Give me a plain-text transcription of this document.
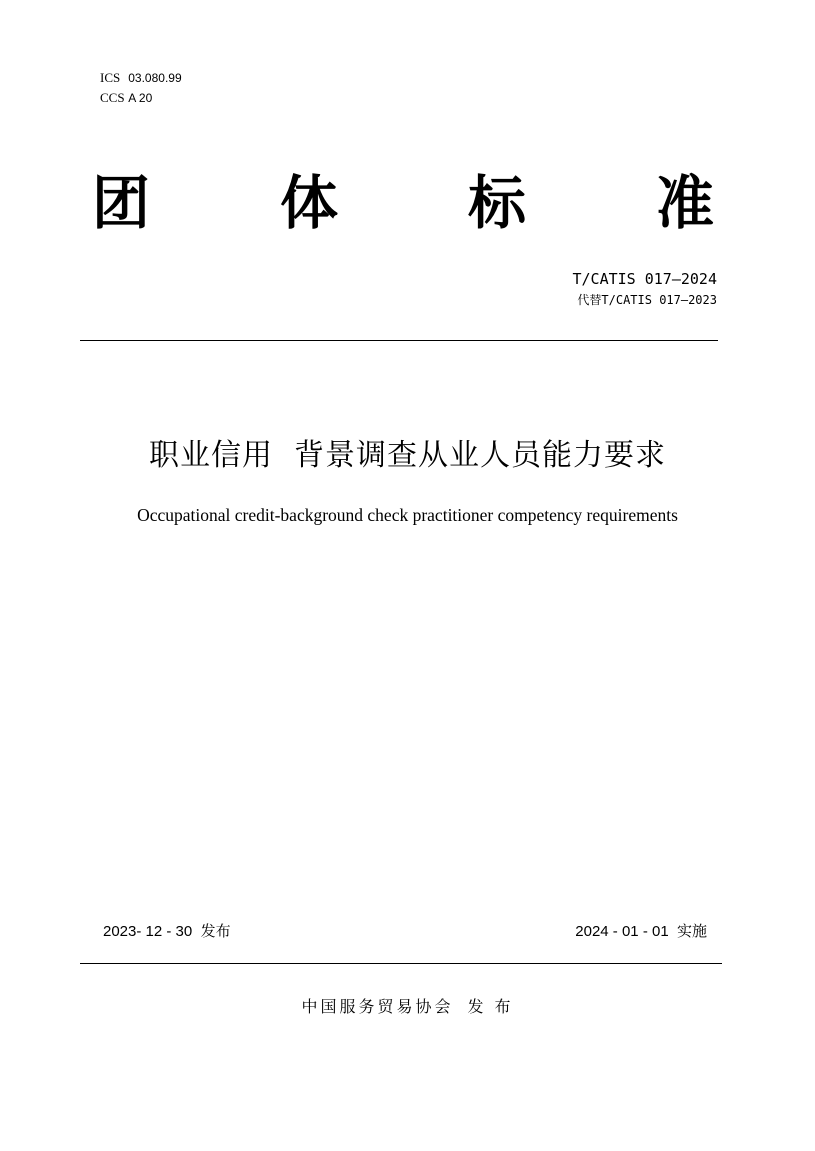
ICS 03.080.99
CCS A 20
团 体 标 准
T/CATIS 017—2024
代替T/CATIS 017—2023
职业信用  背景调查从业人员能力要求
Occupational credit-background check practitioner competency requirements
2023- 12 - 30  发布	2024 - 01 - 01  实施
中国服务贸易协会 发 布
